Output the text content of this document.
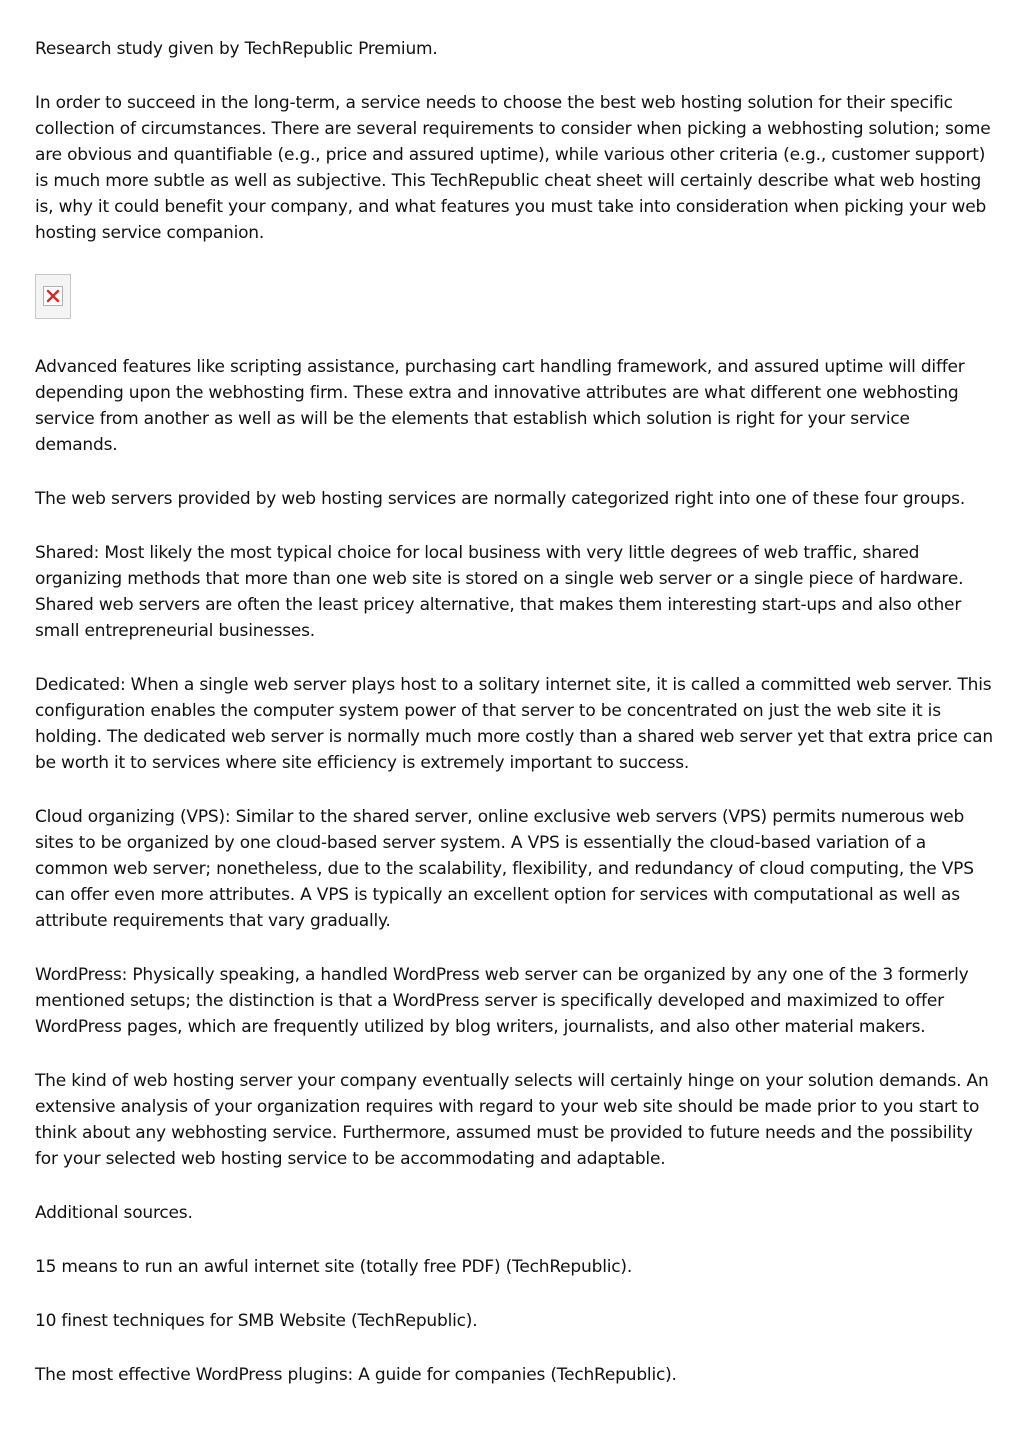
Research study given by TechRepublic Premium.

In order to succeed in the long-term, a service needs to choose the best web hosting solution for their specific collection of circumstances. There are several requirements to consider when picking a webhosting solution; some are obvious and quantifiable (e.g., price and assured uptime), while various other criteria (e.g., customer support) is much more subtle as well as subjective. This TechRepublic cheat sheet will certainly describe what web hosting is, why it could benefit your company, and what features you must take into consideration when picking your web hosting service companion.

Advanced features like scripting assistance, purchasing cart handling framework, and assured uptime will differ depending upon the webhosting firm. These extra and innovative attributes are what different one webhosting service from another as well as will be the elements that establish which solution is right for your service demands.

The web servers provided by web hosting services are normally categorized right into one of these four groups.

Shared: Most likely the most typical choice for local business with very little degrees of web traffic, shared organizing methods that more than one web site is stored on a single web server or a single piece of hardware. Shared web servers are often the least pricey alternative, that makes them interesting start-ups and also other small entrepreneurial businesses.

Dedicated: When a single web server plays host to a solitary internet site, it is called a committed web server. This configuration enables the computer system power of that server to be concentrated on just the web site it is holding. The dedicated web server is normally much more costly than a shared web server yet that extra price can be worth it to services where site efficiency is extremely important to success.

Cloud organizing (VPS): Similar to the shared server, online exclusive web servers (VPS) permits numerous web sites to be organized by one cloud-based server system. A VPS is essentially the cloud-based variation of a common web server; nonetheless, due to the scalability, flexibility, and redundancy of cloud computing, the VPS can offer even more attributes. A VPS is typically an excellent option for services with computational as well as attribute requirements that vary gradually.

WordPress: Physically speaking, a handled WordPress web server can be organized by any one of the 3 formerly mentioned setups; the distinction is that a WordPress server is specifically developed and maximized to offer WordPress pages, which are frequently utilized by blog writers, journalists, and also other material makers.

The kind of web hosting server your company eventually selects will certainly hinge on your solution demands. An extensive analysis of your organization requires with regard to your web site should be made prior to you start to think about any webhosting service. Furthermore, assumed must be provided to future needs and the possibility for your selected web hosting service to be accommodating and adaptable.

Additional sources.

15 means to run an awful internet site (totally free PDF) (TechRepublic).

10 finest techniques for SMB Website (TechRepublic).

The most effective WordPress plugins: A guide for companies (TechRepublic).
